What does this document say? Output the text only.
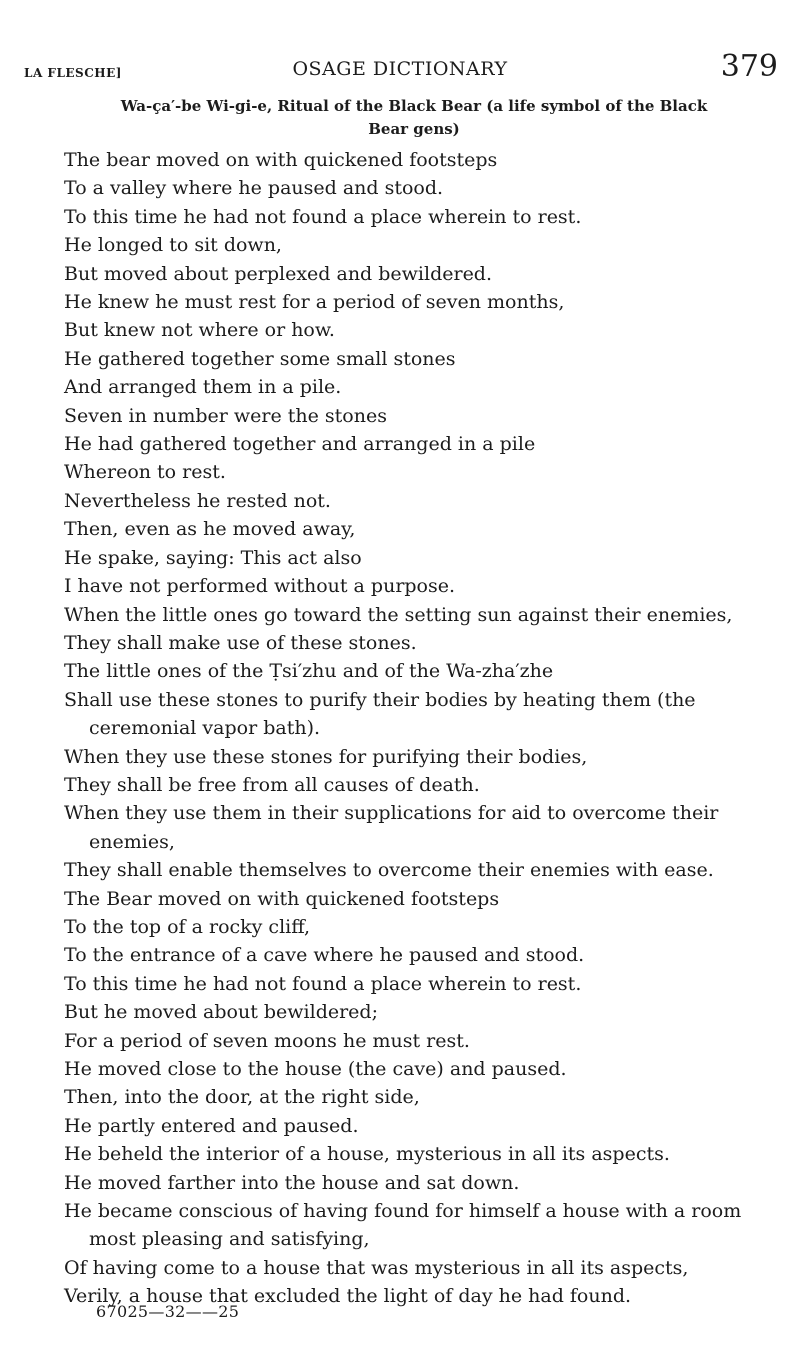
LA FLESCHE]	OSAGE DICTIONARY	379
Wa-ça′-be Wi-gi-e, Ritual of the Black Bear (a life symbol of the Black
Bear gens)
The bear moved on with quickened footsteps
To a valley where he paused and stood.
To this time he had not found a place wherein to rest.
He longed to sit down,
But moved about perplexed and bewildered.
He knew he must rest for a period of seven months,
But knew not where or how.
He gathered together some small stones
And arranged them in a pile.
Seven in number were the stones
He had gathered together and arranged in a pile
Whereon to rest.
Nevertheless he rested not.
Then, even as he moved away,
He spake, saying: This act also
I have not performed without a purpose.
When the little ones go toward the setting sun against their enemies,
They shall make use of these stones.
The little ones of the Ṭsi′zhu and of the Wa-zha′zhe
Shall use these stones to purify their bodies by heating them (the
ceremonial vapor bath).
When they use these stones for purifying their bodies,
They shall be free from all causes of death.
When they use them in their supplications for aid to overcome their
enemies,
They shall enable themselves to overcome their enemies with ease.
The Bear moved on with quickened footsteps
To the top of a rocky cliff,
To the entrance of a cave where he paused and stood.
To this time he had not found a place wherein to rest.
But he moved about bewildered;
For a period of seven moons he must rest.
He moved close to the house (the cave) and paused.
Then, into the door, at the right side,
He partly entered and paused.
He beheld the interior of a house, mysterious in all its aspects.
He moved farther into the house and sat down.
He became conscious of having found for himself a house with a room
most pleasing and satisfying,
Of having come to a house that was mysterious in all its aspects,
Verily, a house that excluded the light of day he had found.
67025—32——25
